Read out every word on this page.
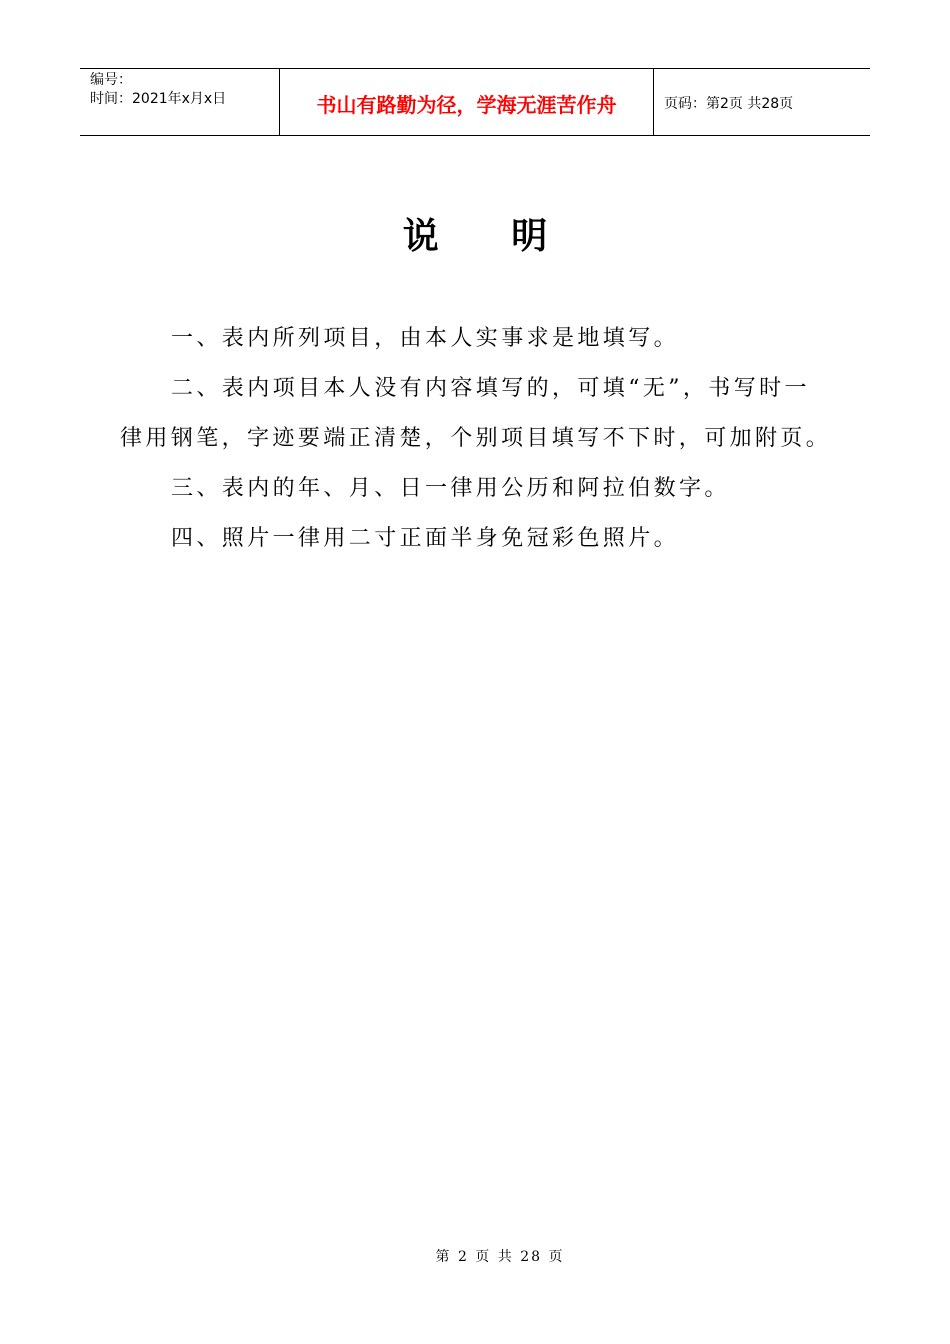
编号：
时间：2021年x月x日	书山有路勤为径，学海无涯苦作舟	页码：第2页 共28页
说 明

一、表内所列项目，由本人实事求是地填写。

二、表内项目本人没有内容填写的，可填“无”，书写时一律用钢笔，字迹要端正清楚，个别项目填写不下时，可加附页。

三、表内的年、月、日一律用公历和阿拉伯数字。

四、照片一律用二寸正面半身免冠彩色照片。

第 2 页 共 28 页
